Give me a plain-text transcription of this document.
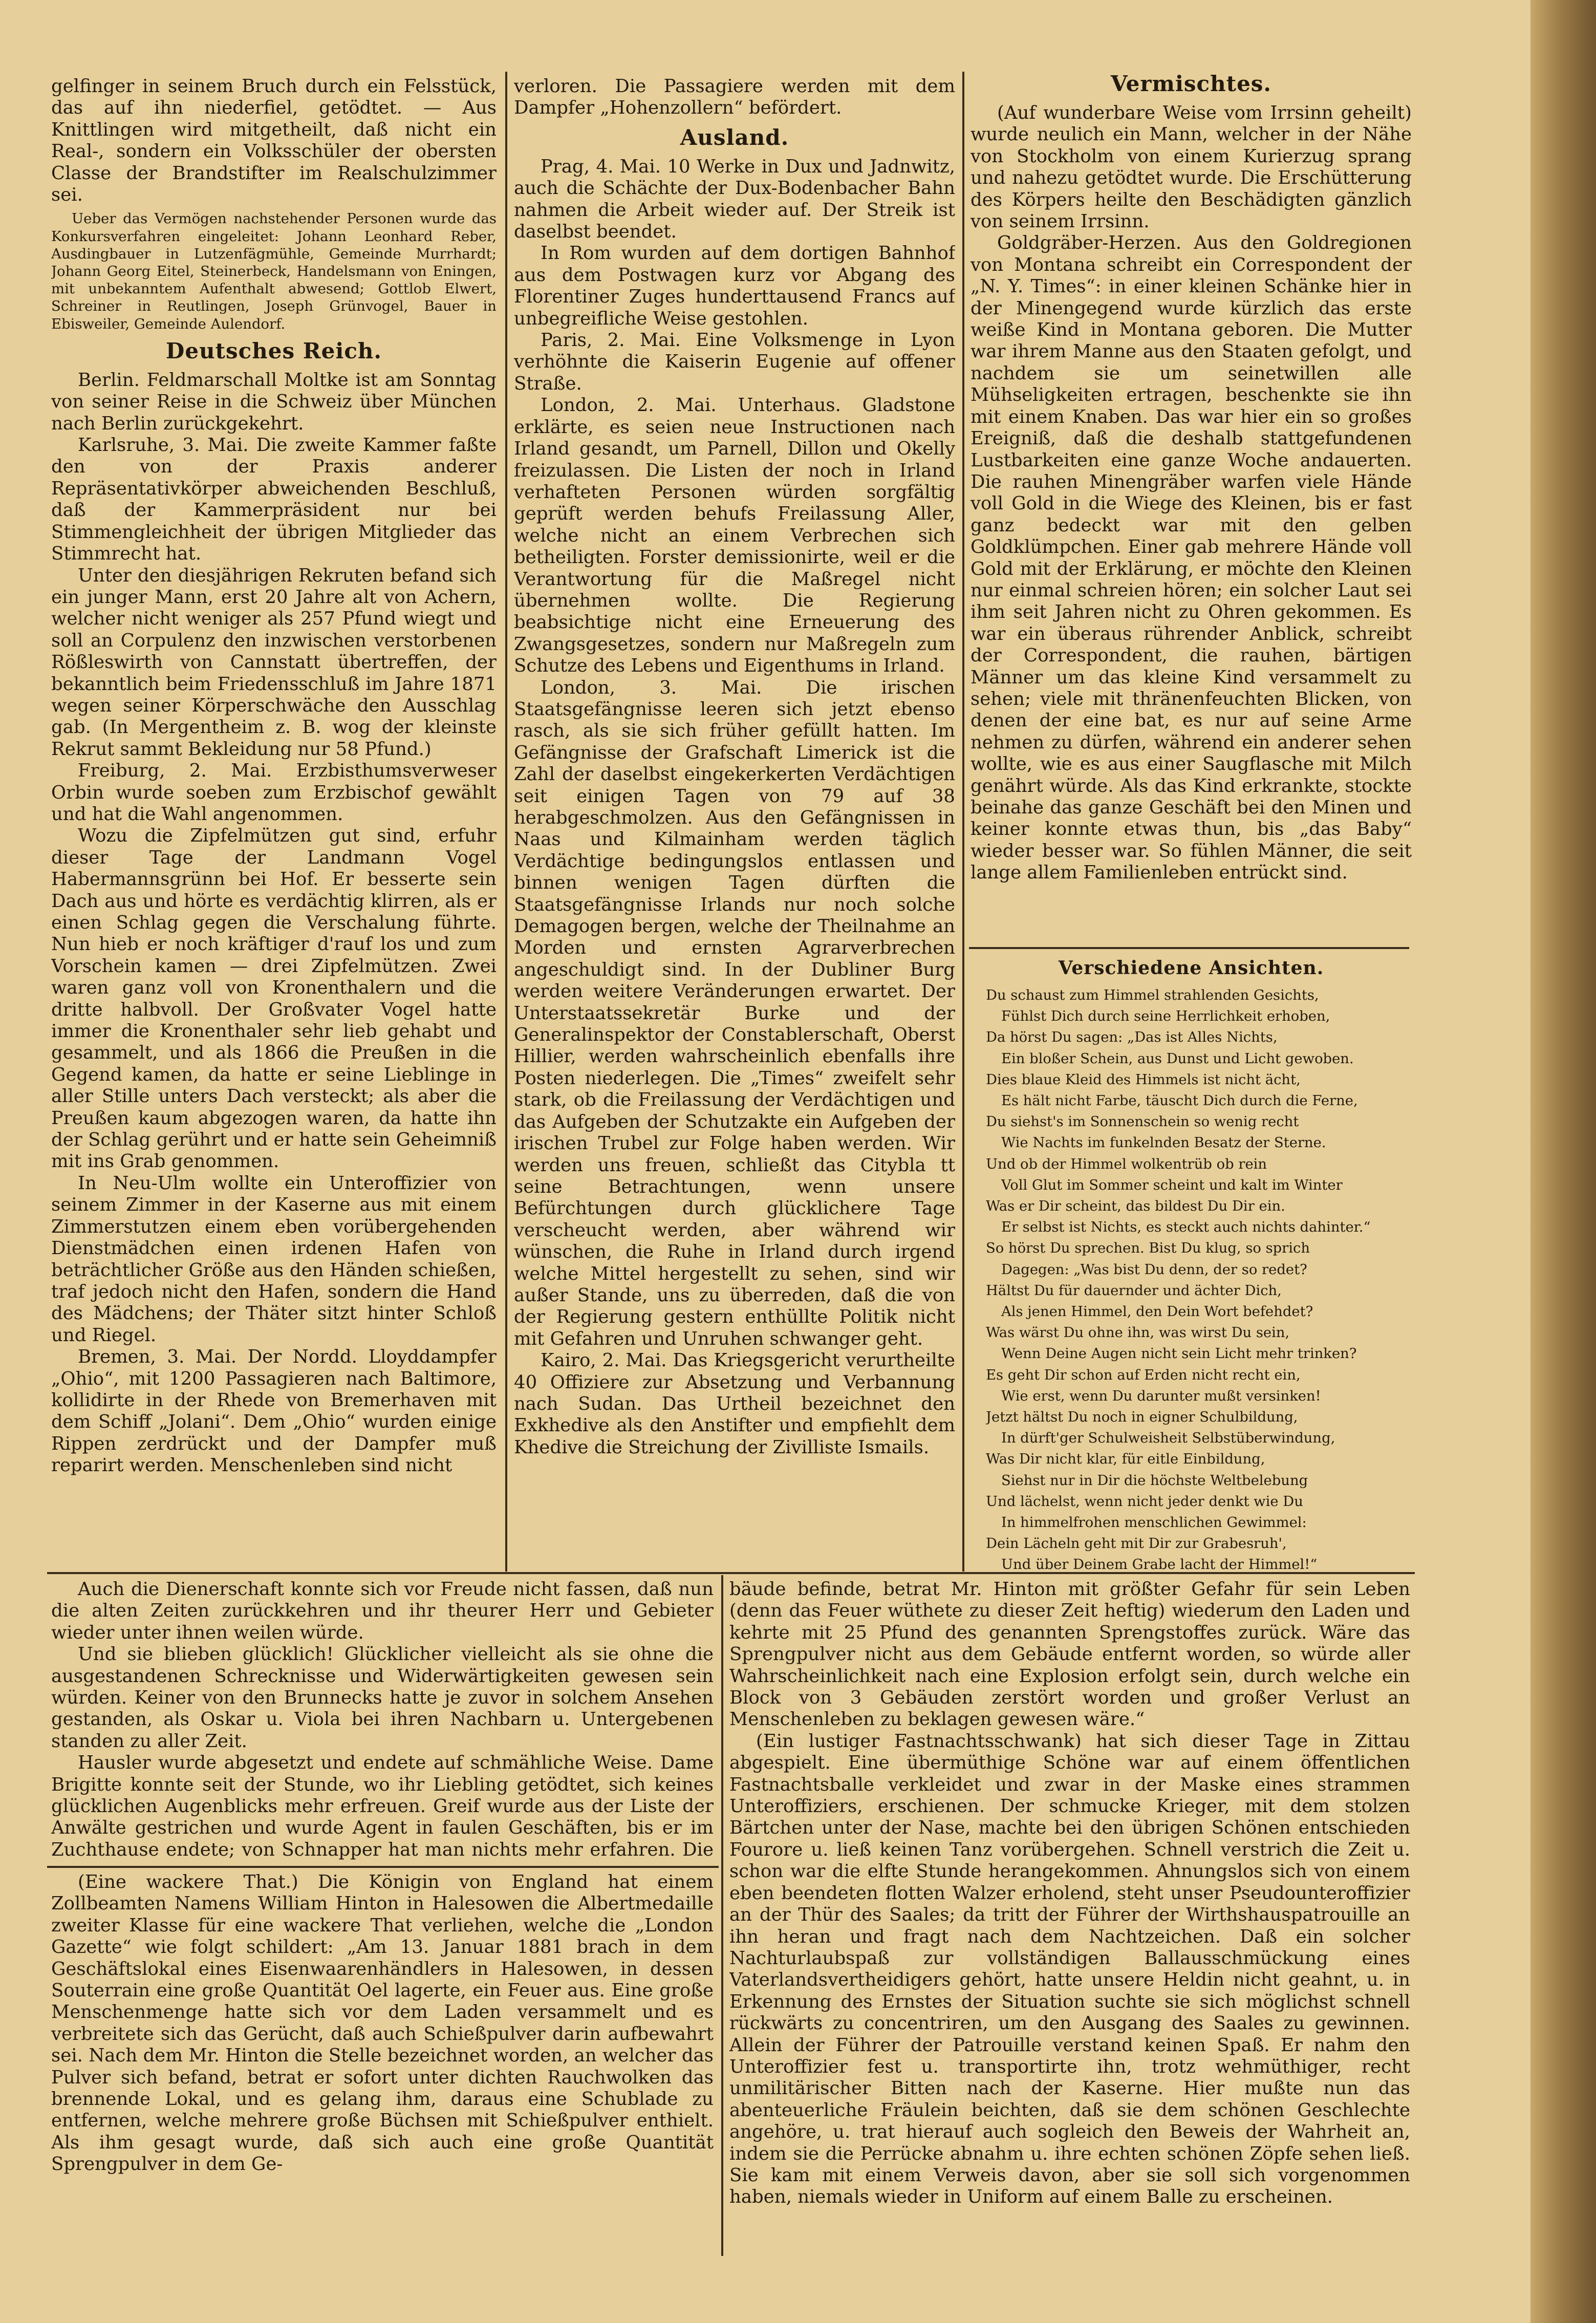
gelfinger in seinem Bruch durch ein Felsstück, das auf ihn niederfiel, getödtet. — Aus Knittlingen wird mitgetheilt, daß nicht ein Real-, sondern ein Volksschüler der obersten Classe der Brandstifter im Realschulzimmer sei.

Ueber das Vermögen nachstehender Personen wurde das Konkursverfahren eingeleitet: Johann Leonhard Reber, Ausdingbauer in Lutzenfägmühle, Gemeinde Murrhardt; Johann Georg Eitel, Steinerbeck, Handelsmann von Eningen, mit unbekanntem Aufenthalt abwesend; Gottlob Elwert, Schreiner in Reutlingen, Joseph Grünvogel, Bauer in Ebisweiler, Gemeinde Aulendorf.

Deutsches Reich.

Berlin. Feldmarschall Moltke ist am Sonntag von seiner Reise in die Schweiz über München nach Berlin zurückgekehrt.

Karlsruhe, 3. Mai. Die zweite Kammer faßte den von der Praxis anderer Repräsentativkörper abweichenden Beschluß, daß der Kammerpräsident nur bei Stimmengleichheit der übrigen Mitglieder das Stimmrecht hat.

Unter den diesjährigen Rekruten befand sich ein junger Mann, erst 20 Jahre alt von Achern, welcher nicht weniger als 257 Pfund wiegt und soll an Corpulenz den inzwischen verstorbenen Rößleswirth von Cannstatt übertreffen, der bekanntlich beim Friedensschluß im Jahre 1871 wegen seiner Körperschwäche den Ausschlag gab. (In Mergentheim z. B. wog der kleinste Rekrut sammt Bekleidung nur 58 Pfund.)

Freiburg, 2. Mai. Erzbisthumsverweser Orbin wurde soeben zum Erzbischof gewählt und hat die Wahl angenommen.

Wozu die Zipfelmützen gut sind, erfuhr dieser Tage der Landmann Vogel Habermannsgrünn bei Hof. Er besserte sein Dach aus und hörte es verdächtig klirren, als er einen Schlag gegen die Verschalung führte. Nun hieb er noch kräftiger d'rauf los und zum Vorschein kamen — drei Zipfelmützen. Zwei waren ganz voll von Kronenthalern und die dritte halbvoll. Der Großvater Vogel hatte immer die Kronenthaler sehr lieb gehabt und gesammelt, und als 1866 die Preußen in die Gegend kamen, da hatte er seine Lieblinge in aller Stille unters Dach versteckt; als aber die Preußen kaum abgezogen waren, da hatte ihn der Schlag gerührt und er hatte sein Geheimniß mit ins Grab genommen.

In Neu-Ulm wollte ein Unteroffizier von seinem Zimmer in der Kaserne aus mit einem Zimmerstutzen einem eben vorübergehenden Dienstmädchen einen irdenen Hafen von beträchtlicher Größe aus den Händen schießen, traf jedoch nicht den Hafen, sondern die Hand des Mädchens; der Thäter sitzt hinter Schloß und Riegel.

Bremen, 3. Mai. Der Nordd. Lloyddampfer „Ohio“, mit 1200 Passagieren nach Baltimore, kollidirte in der Rhede von Bremerhaven mit dem Schiff „Jolani“. Dem „Ohio“ wurden einige Rippen zerdrückt und der Dampfer muß reparirt werden. Menschenleben sind nicht

verloren. Die Passagiere werden mit dem Dampfer „Hohenzollern“ befördert.

Ausland.

Prag, 4. Mai. 10 Werke in Dux und Jadnwitz, auch die Schächte der Dux-Bodenbacher Bahn nahmen die Arbeit wieder auf. Der Streik ist daselbst beendet.

In Rom wurden auf dem dortigen Bahnhof aus dem Postwagen kurz vor Abgang des Florentiner Zuges hunderttausend Francs auf unbegreifliche Weise gestohlen.

Paris, 2. Mai. Eine Volksmenge in Lyon verhöhnte die Kaiserin Eugenie auf offener Straße.

London, 2. Mai. Unterhaus. Gladstone erklärte, es seien neue Instructionen nach Irland gesandt, um Parnell, Dillon und Okelly freizulassen. Die Listen der noch in Irland verhafteten Personen würden sorgfältig geprüft werden behufs Freilassung Aller, welche nicht an einem Verbrechen sich betheiligten. Forster demissionirte, weil er die Verantwortung für die Maßregel nicht übernehmen wollte. Die Regierung beabsichtige nicht eine Erneuerung des Zwangsgesetzes, sondern nur Maßregeln zum Schutze des Lebens und Eigenthums in Irland.

London, 3. Mai. Die irischen Staatsgefängnisse leeren sich jetzt ebenso rasch, als sie sich früher gefüllt hatten. Im Gefängnisse der Grafschaft Limerick ist die Zahl der daselbst eingekerkerten Verdächtigen seit einigen Tagen von 79 auf 38 herabgeschmolzen. Aus den Gefängnissen in Naas und Kilmainham werden täglich Verdächtige bedingungslos entlassen und binnen wenigen Tagen dürften die Staatsgefängnisse Irlands nur noch solche Demagogen bergen, welche der Theilnahme an Morden und ernsten Agrarverbrechen angeschuldigt sind. In der Dubliner Burg werden weitere Veränderungen erwartet. Der Unterstaatssekretär Burke und der Generalinspektor der Constablerschaft, Oberst Hillier, werden wahrscheinlich ebenfalls ihre Posten niederlegen. Die „Times“ zweifelt sehr stark, ob die Freilassung der Verdächtigen und das Aufgeben der Schutzakte ein Aufgeben der irischen Trubel zur Folge haben werden. Wir werden uns freuen, schließt das Citybla tt seine Betrachtungen, wenn unsere Befürchtungen durch glücklichere Tage verscheucht werden, aber während wir wünschen, die Ruhe in Irland durch irgend welche Mittel hergestellt zu sehen, sind wir außer Stande, uns zu überreden, daß die von der Regierung gestern enthüllte Politik nicht mit Gefahren und Unruhen schwanger geht.

Kairo, 2. Mai. Das Kriegsgericht verurtheilte 40 Offiziere zur Absetzung und Verbannung nach Sudan. Das Urtheil bezeichnet den Exkhedive als den Anstifter und empfiehlt dem Khedive die Streichung der Zivilliste Ismails.

Vermischtes.

(Auf wunderbare Weise vom Irrsinn geheilt) wurde neulich ein Mann, welcher in der Nähe von Stockholm von einem Kurierzug sprang und nahezu getödtet wurde. Die Erschütterung des Körpers heilte den Beschädigten gänzlich von seinem Irrsinn.

Goldgräber-Herzen. Aus den Goldregionen von Montana schreibt ein Correspondent der „N. Y. Times“: in einer kleinen Schänke hier in der Minengegend wurde kürzlich das erste weiße Kind in Montana geboren. Die Mutter war ihrem Manne aus den Staaten gefolgt, und nachdem sie um seinetwillen alle Mühseligkeiten ertragen, beschenkte sie ihn mit einem Knaben. Das war hier ein so großes Ereigniß, daß die deshalb stattgefundenen Lustbarkeiten eine ganze Woche andauerten. Die rauhen Minengräber warfen viele Hände voll Gold in die Wiege des Kleinen, bis er fast ganz bedeckt war mit den gelben Goldklümpchen. Einer gab mehrere Hände voll Gold mit der Erklärung, er möchte den Kleinen nur einmal schreien hören; ein solcher Laut sei ihm seit Jahren nicht zu Ohren gekommen. Es war ein überaus rührender Anblick, schreibt der Correspondent, die rauhen, bärtigen Männer um das kleine Kind versammelt zu sehen; viele mit thränenfeuchten Blicken, von denen der eine bat, es nur auf seine Arme nehmen zu dürfen, während ein anderer sehen wollte, wie es aus einer Saugflasche mit Milch genährt würde. Als das Kind erkrankte, stockte beinahe das ganze Geschäft bei den Minen und keiner konnte etwas thun, bis „das Baby“ wieder besser war. So fühlen Männer, die seit lange allem Familienleben entrückt sind.

Verschiedene Ansichten.
Du schaust zum Himmel strahlenden Gesichts,
Fühlst Dich durch seine Herrlichkeit erhoben,
Da hörst Du sagen: „Das ist Alles Nichts,
Ein bloßer Schein, aus Dunst und Licht gewoben.
Dies blaue Kleid des Himmels ist nicht ächt,
Es hält nicht Farbe, täuscht Dich durch die Ferne,
Du siehst's im Sonnenschein so wenig recht
Wie Nachts im funkelnden Besatz der Sterne.
Und ob der Himmel wolkentrüb ob rein
Voll Glut im Sommer scheint und kalt im Winter
Was er Dir scheint, das bildest Du Dir ein.
Er selbst ist Nichts, es steckt auch nichts dahinter.“
So hörst Du sprechen. Bist Du klug, so sprich
Dagegen: „Was bist Du denn, der so redet?
Hältst Du für dauernder und ächter Dich,
Als jenen Himmel, den Dein Wort befehdet?
Was wärst Du ohne ihn, was wirst Du sein,
Wenn Deine Augen nicht sein Licht mehr trinken?
Es geht Dir schon auf Erden nicht recht ein,
Wie erst, wenn Du darunter mußt versinken!
Jetzt hältst Du noch in eigner Schulbildung,
In dürft'ger Schulweisheit Selbstüberwindung,
Was Dir nicht klar, für eitle Einbildung,
Siehst nur in Dir die höchste Weltbelebung
Und lächelst, wenn nicht jeder denkt wie Du
In himmelfrohen menschlichen Gewimmel:
Dein Lächeln geht mit Dir zur Grabesruh',
Und über Deinem Grabe lacht der Himmel!“

Auch die Dienerschaft konnte sich vor Freude nicht fassen, daß nun die alten Zeiten zurückkehren und ihr theurer Herr und Gebieter wieder unter ihnen weilen würde.

Und sie blieben glücklich! Glücklicher vielleicht als sie ohne die ausgestandenen Schrecknisse und Widerwärtigkeiten gewesen sein würden. Keiner von den Brunnecks hatte je zuvor in solchem Ansehen gestanden, als Oskar u. Viola bei ihren Nachbarn u. Untergebenen standen zu aller Zeit.

Hausler wurde abgesetzt und endete auf schmähliche Weise. Dame Brigitte konnte seit der Stunde, wo ihr Liebling getödtet, sich keines glücklichen Augenblicks mehr erfreuen. Greif wurde aus der Liste der Anwälte gestrichen und wurde Agent in faulen Geschäften, bis er im Zuchthause endete; von Schnapper hat man nichts mehr erfahren. Die

(Eine wackere That.) Die Königin von England hat einem Zollbeamten Namens William Hinton in Halesowen die Albertmedaille zweiter Klasse für eine wackere That verliehen, welche die „London Gazette“ wie folgt schildert: „Am 13. Januar 1881 brach in dem Geschäftslokal eines Eisenwaarenhändlers in Halesowen, in dessen Souterrain eine große Quantität Oel lagerte, ein Feuer aus. Eine große Menschenmenge hatte sich vor dem Laden versammelt und es verbreitete sich das Gerücht, daß auch Schießpulver darin aufbewahrt sei. Nach dem Mr. Hinton die Stelle bezeichnet worden, an welcher das Pulver sich befand, betrat er sofort unter dichten Rauchwolken das brennende Lokal, und es gelang ihm, daraus eine Schublade zu entfernen, welche mehrere große Büchsen mit Schießpulver enthielt. Als ihm gesagt wurde, daß sich auch eine große Quantität Sprengpulver in dem Ge-

bäude befinde, betrat Mr. Hinton mit größter Gefahr für sein Leben (denn das Feuer wüthete zu dieser Zeit heftig) wiederum den Laden und kehrte mit 25 Pfund des genannten Sprengstoffes zurück. Wäre das Sprengpulver nicht aus dem Gebäude entfernt worden, so würde aller Wahrscheinlichkeit nach eine Explosion erfolgt sein, durch welche ein Block von 3 Gebäuden zerstört worden und großer Verlust an Menschenleben zu beklagen gewesen wäre.“

(Ein lustiger Fastnachtsschwank) hat sich dieser Tage in Zittau abgespielt. Eine übermüthige Schöne war auf einem öffentlichen Fastnachtsballe verkleidet und zwar in der Maske eines strammen Unteroffiziers, erschienen. Der schmucke Krieger, mit dem stolzen Bärtchen unter der Nase, machte bei den übrigen Schönen entschieden Fourore u. ließ keinen Tanz vorübergehen. Schnell verstrich die Zeit u. schon war die elfte Stunde herangekommen. Ahnungslos sich von einem eben beendeten flotten Walzer erholend, steht unser Pseudounteroffizier an der Thür des Saales; da tritt der Führer der Wirthshauspatrouille an ihn heran und fragt nach dem Nachtzeichen. Daß ein solcher Nachturlaubspaß zur vollständigen Ballausschmückung eines Vaterlandsvertheidigers gehört, hatte unsere Heldin nicht geahnt, u. in Erkennung des Ernstes der Situation suchte sie sich möglichst schnell rückwärts zu concentriren, um den Ausgang des Saales zu gewinnen. Allein der Führer der Patrouille verstand keinen Spaß. Er nahm den Unteroffizier fest u. transportirte ihn, trotz wehmüthiger, recht unmilitärischer Bitten nach der Kaserne. Hier mußte nun das abenteuerliche Fräulein beichten, daß sie dem schönen Geschlechte angehöre, u. trat hierauf auch sogleich den Beweis der Wahrheit an, indem sie die Perrücke abnahm u. ihre echten schönen Zöpfe sehen ließ. Sie kam mit einem Verweis davon, aber sie soll sich vorgenommen haben, niemals wieder in Uniform auf einem Balle zu erscheinen.
